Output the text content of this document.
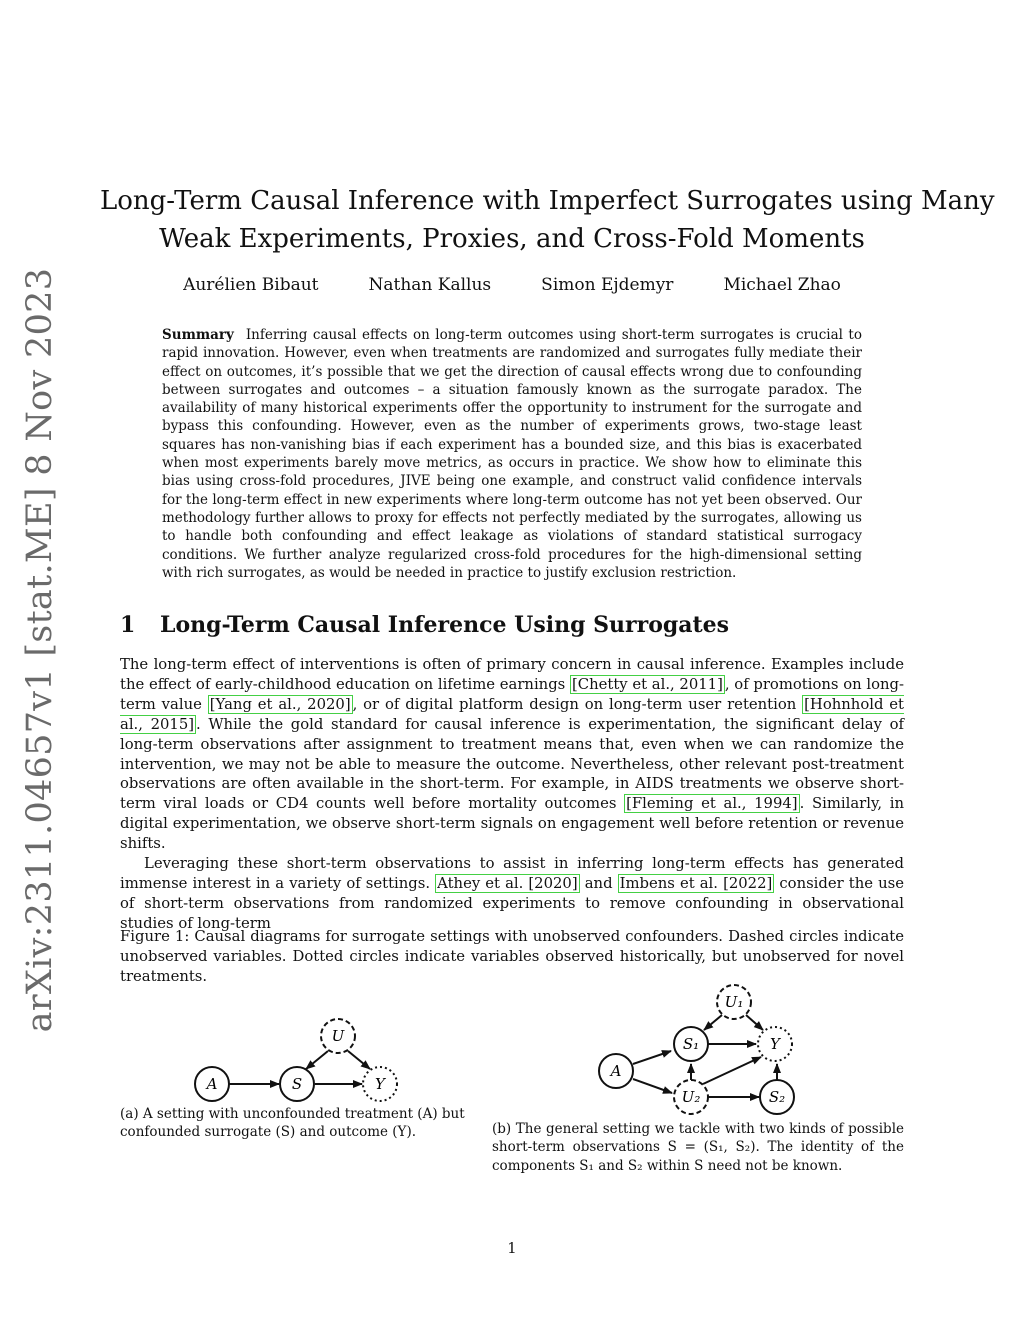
arXiv:2311.04657v1 [stat.ME] 8 Nov 2023
Long-Term Causal Inference with Imperfect Surrogates using Many
Weak Experiments, Proxies, and Cross-Fold Moments
Aurélien Bibaut	Nathan Kallus	Simon Ejdemyr	Michael Zhao
Summary Inferring causal effects on long-term outcomes using short-term surrogates is crucial to rapid innovation. However, even when treatments are randomized and surrogates fully mediate their effect on outcomes, it’s possible that we get the direction of causal effects wrong due to confounding between surrogates and outcomes – a situation famously known as the surrogate paradox. The availability of many historical experiments offer the opportunity to instrument for the surrogate and bypass this confounding. However, even as the number of experiments grows, two-stage least squares has non-vanishing bias if each experiment has a bounded size, and this bias is exacerbated when most experiments barely move metrics, as occurs in practice. We show how to eliminate this bias using cross-fold procedures, JIVE being one example, and construct valid confidence intervals for the long-term effect in new experiments where long-term outcome has not yet been observed. Our methodology further allows to proxy for effects not perfectly mediated by the surrogates, allowing us to handle both confounding and effect leakage as violations of standard statistical surrogacy conditions. We further analyze regularized cross-fold procedures for the high-dimensional setting with rich surrogates, as would be needed in practice to justify exclusion restriction.
1 Long-Term Causal Inference Using Surrogates

The long-term effect of interventions is often of primary concern in causal inference. Examples include the effect of early-childhood education on lifetime earnings [Chetty et al., 2011] , of promotions on long-term value [Yang et al., 2020] , or of digital platform design on long-term user retention [Hohnhold et al., 2015] . While the gold standard for causal inference is experimentation, the significant delay of long-term observations after assignment to treatment means that, even when we can randomize the intervention, we may not be able to measure the outcome. Nevertheless, other relevant post-treatment observations are often available in the short-term. For example, in AIDS treatments we observe short-term viral loads or CD4 counts well before mortality outcomes [Fleming et al., 1994] . Similarly, in digital experimentation, we observe short-term signals on engagement well before retention or revenue shifts.

Leveraging these short-term observations to assist in inferring long-term effects has generated immense interest in a variety of settings. Athey et al. [2020] and Imbens et al. [2022] consider the use of short-term observations from randomized experiments to remove confounding in observational studies of long-term

Figure 1: Causal diagrams for surrogate settings with unobserved confounders. Dashed circles indicate unobserved variables. Dotted circles indicate variables observed historically, but unobserved for novel treatments.
A	S	Y
U
A
S₁	Y
U₁
U₂	S₂
(a) A setting with unconfounded treatment (A) but confounded surrogate (S) and outcome (Y).	(b) The general setting we tackle with two kinds of possible short-term observations S = (S₁, S₂). The identity of the components S₁ and S₂ within S need not be known.
1
